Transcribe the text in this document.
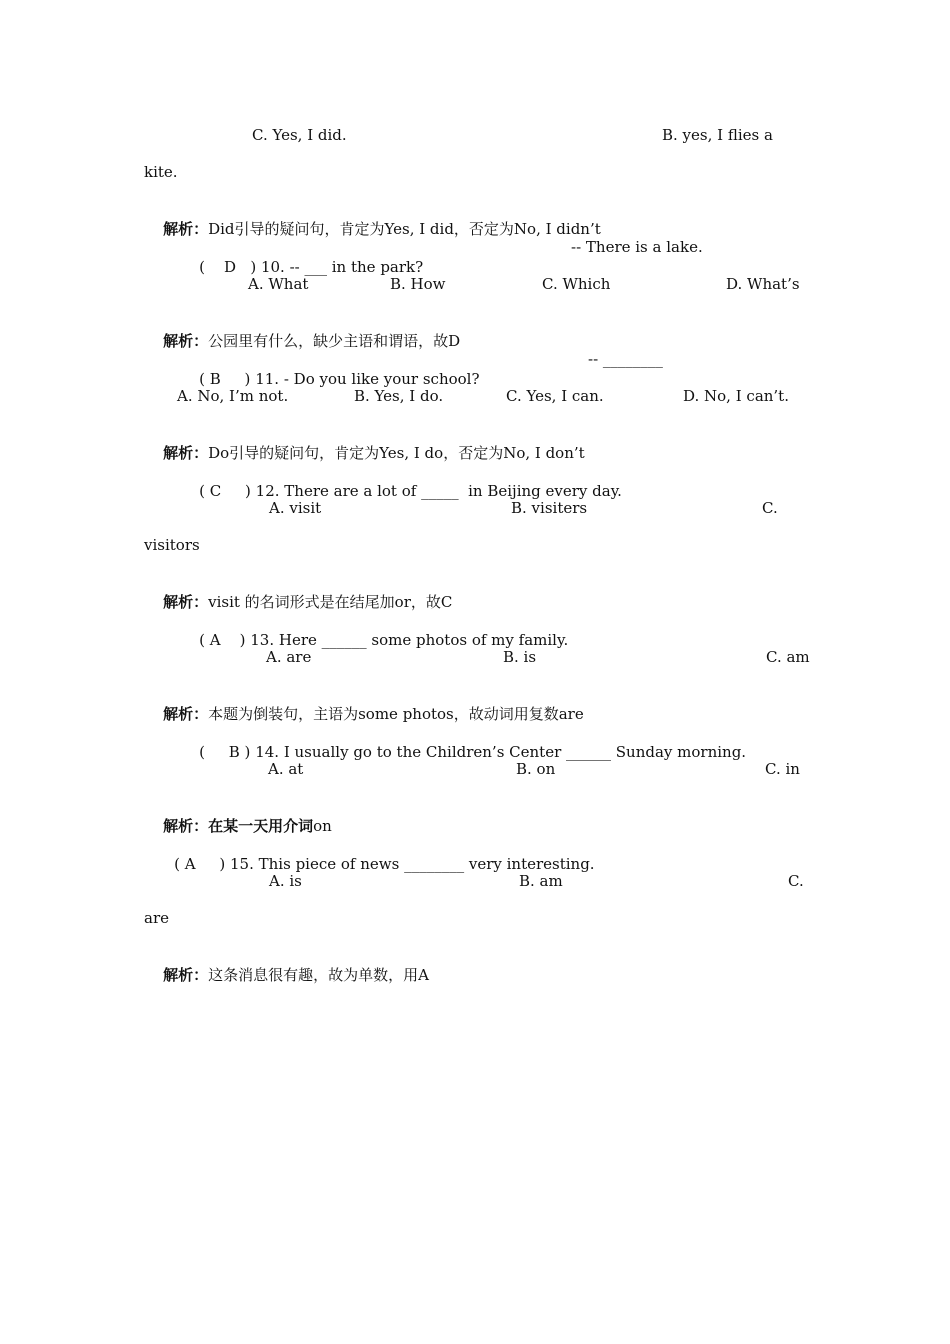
C. Yes, I did.	B. yes, I flies a
kite.

解析：Did引导的疑问句，肯定为Yes, I did，否定为No, I didn’t

(    D   ) 10. -- ___ in the park?

-- There is a lake.
A. What	B. How	C. Which	D. What’s

解析：公园里有什么，缺少主语和谓语，故D

( B     ) 11. - Do you like your school?

-- ________
A. No, I’m not.	B. Yes, I do.	C. Yes, I can.	D. No, I can’t.

解析：Do引导的疑问句，肯定为Yes, I do，否定为No, I don’t

( C     ) 12. There are a lot of _____  in Beijing every day.

A. visit	B. visiters	C.
visitors

解析：visit 的名词形式是在结尾加or，故C

( A    ) 13. Here ______ some photos of my family.

A. are	B. is	C. am

解析：本题为倒装句，主语为some photos，故动词用复数are

(     B ) 14. I usually go to the Children’s Center ______ Sunday morning.

A. at	B. on	C. in

解析：在某一天用介词on

( A     ) 15. This piece of news ________ very interesting.

A. is	B. am	C.
are

解析：这条消息很有趣，故为单数，用A
